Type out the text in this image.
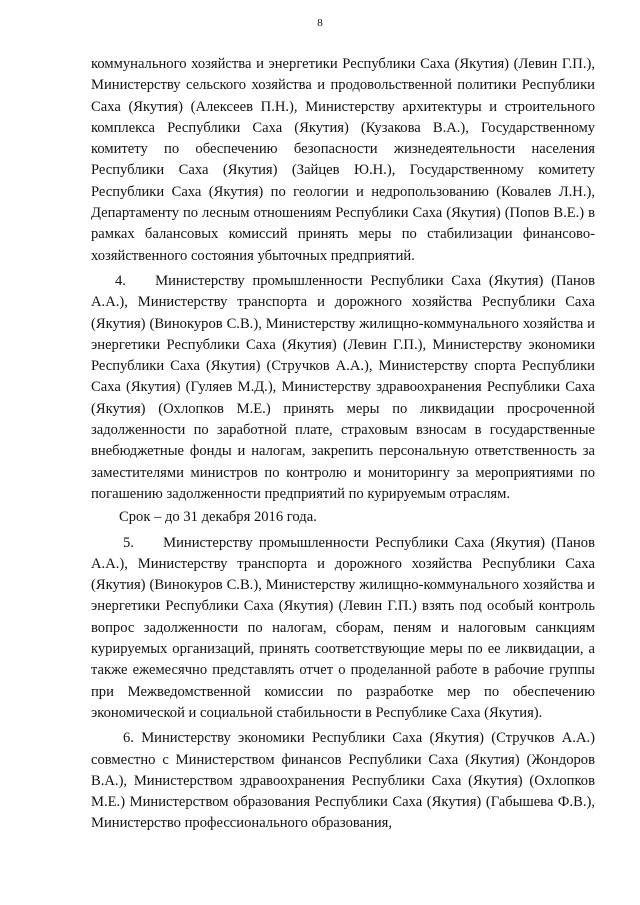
8

коммунального хозяйства и энергетики Республики Саха (Якутия) (Левин Г.П.), Министерству сельского хозяйства и продовольственной политики Республики Саха (Якутия) (Алексеев П.Н.), Министерству архитектуры и строительного комплекса Республики Саха (Якутия) (Кузакова В.А.), Государственному комитету по обеспечению безопасности жизнедеятельности населения Республики Саха (Якутия) (Зайцев Ю.Н.), Государственному комитету Республики Саха (Якутия) по геологии и недропользованию (Ковалев Л.Н.), Департаменту по лесным отношениям Республики Саха (Якутия) (Попов В.Е.) в рамках балансовых комиссий принять меры по стабилизации финансово-хозяйственного состояния убыточных предприятий.

4.  Министерству промышленности Республики Саха (Якутия) (Панов А.А.), Министерству транспорта и дорожного хозяйства Республики Саха (Якутия) (Винокуров С.В.), Министерству жилищно-коммунального хозяйства и энергетики Республики Саха (Якутия) (Левин Г.П.), Министерству экономики Республики Саха (Якутия) (Стручков А.А.), Министерству спорта Республики Саха (Якутия) (Гуляев М.Д.), Министерству здравоохранения Республики Саха (Якутия) (Охлопков М.Е.) принять меры по ликвидации просроченной задолженности по заработной плате, страховым взносам в государственные внебюджетные фонды и налогам, закрепить персональную ответственность за заместителями министров по контролю и мониторингу за мероприятиями по погашению задолженности предприятий по курируемым отраслям.

Срок – до 31 декабря 2016 года.

5.  Министерству промышленности Республики Саха (Якутия) (Панов А.А.), Министерству транспорта и дорожного хозяйства Республики Саха (Якутия) (Винокуров С.В.), Министерству жилищно-коммунального хозяйства и энергетики Республики Саха (Якутия) (Левин Г.П.) взять под особый контроль вопрос задолженности по налогам, сборам, пеням и налоговым санкциям курируемых организаций, принять соответствующие меры по ее ликвидации, а также ежемесячно представлять отчет о проделанной работе в рабочие группы при Межведомственной комиссии по разработке мер по обеспечению экономической и социальной стабильности в Республике Саха (Якутия).

6. Министерству экономики Республики Саха (Якутия) (Стручков А.А.) совместно с Министерством финансов Республики Саха (Якутия) (Жондоров В.А.), Министерством здравоохранения Республики Саха (Якутия) (Охлопков М.Е.) Министерством образования Республики Саха (Якутия) (Габышева Ф.В.), Министерство профессионального образования,
